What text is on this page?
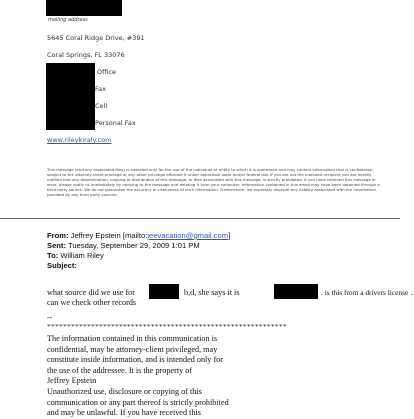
mailing address
5645 Coral Ridge Drive, #391
Coral Springs, FL 33076
Office
Fax
Cell
Personal Fax
www.rileykiraly.com
This message (and any associated files) is intended only for the use of the individual or entity to which it is addressed and may contain information that is confidential, subject to the attorney-client privilege or any other privilege afforded it under applicable state and/or federal law. If you are not the intended recipient you are hereby notified that any dissemination, copying or distribution of this message, or files associated with this message, is strictly prohibited. If you have received this message in error, please notify us immediately by replying to the message and deleting it from your computer. Information contained in this email may have been obtained through a third party source. We do not guarantee the accuracy or usefulness of such information. Furthermore, we expressly disclaim any liability associated with the information provided by any third party sources.
From: Jeffrey Epstein [mailto:jeevacation@gmail.com]
Sent: Tuesday, September 29, 2009 1:01 PM
To: William Riley
Subject:
what source did we use for	b,d, she says it is	. is this from a drivers license ..
can we check other records
--
************************************************************
The information contained in this communication is
confidential, may be attorney-client privileged, may
constitute inside information, and is intended only for
the use of the addressee. It is the property of
Jeffrey Epstein
Unauthorized use, disclosure or copying of this
communication or any part thereof is strictly prohibited
and may be unlawful. If you have received this
